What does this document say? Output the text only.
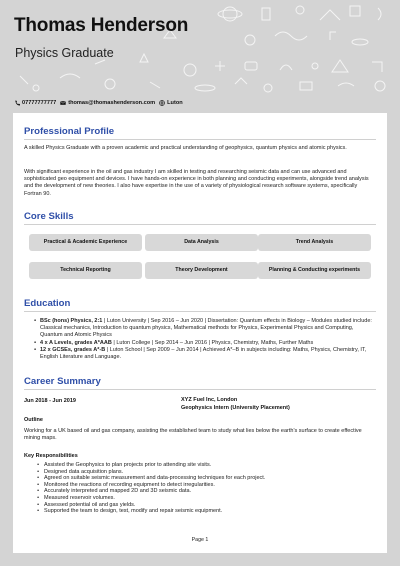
Thomas Henderson
Physics Graduate
07777777777 thomas@thomashenderson.com Luton
Professional Profile
A skilled Physics Graduate with a proven academic and practical understanding of geophysics, quantum physics and atomic physics.
With significant experience in the oil and gas industry I am skilled in testing and researching seismic data and can use advanced and sophisticated geo equipment and devices. I have hands-on experience in both planning and conducting experiments, alongside trend analysis and the development of new theories. I also have expertise in the use of a variety of physiological research software systems, specifically Fortran 90.
Core Skills
Practical & Academic Experience	Data Analysis	Trend Analysis
Technical Reporting	Theory Development	Planning & Conducting experiments
Education
• BSc (hons) Physics, 2:1 | Luton University | Sep 2016 – Jun 2020 | Dissertation: Quantum effects in Biology – Modules studied include: Classical mechanics, Introduction to quantum physics, Mathematical methods for Physics, Experimental Physics and Computing, Quantum and Atomic Physics
• 4 x A Levels, grades A*AAB | Luton College | Sep 2014 – Jun 2016 | Physics, Chemistry, Maths, Further Maths
• 12 x GCSEs, grades A*-B | Luton School | Sep 2009 – Jun 2014 | Achieved A*–B in subjects including: Maths, Physics, Chemistry, IT, English Literature and Language.
Career Summary
Jun 2018 - Jun 2019	XYZ Fuel Inc, London
Geophysics Intern (University Placement)
Outline
Working for a UK based oil and gas company, assisting the established team to study what lies below the earth's surface to create effective mining maps.
Key Responsibilities
• Assisted the Geophysics to plan projects prior to attending site visits.
• Designed data acquisition plans.
• Agreed on suitable seismic measurement and data-processing techniques for each project.
• Monitored the reactions of recording equipment to detect irregularities.
• Accurately interpreted and mapped 2D and 3D seismic data.
• Measured reservoir volumes.
• Assessed potential oil and gas yields.
• Supported the team to design, test, modify and repair seismic equipment.
Page 1
